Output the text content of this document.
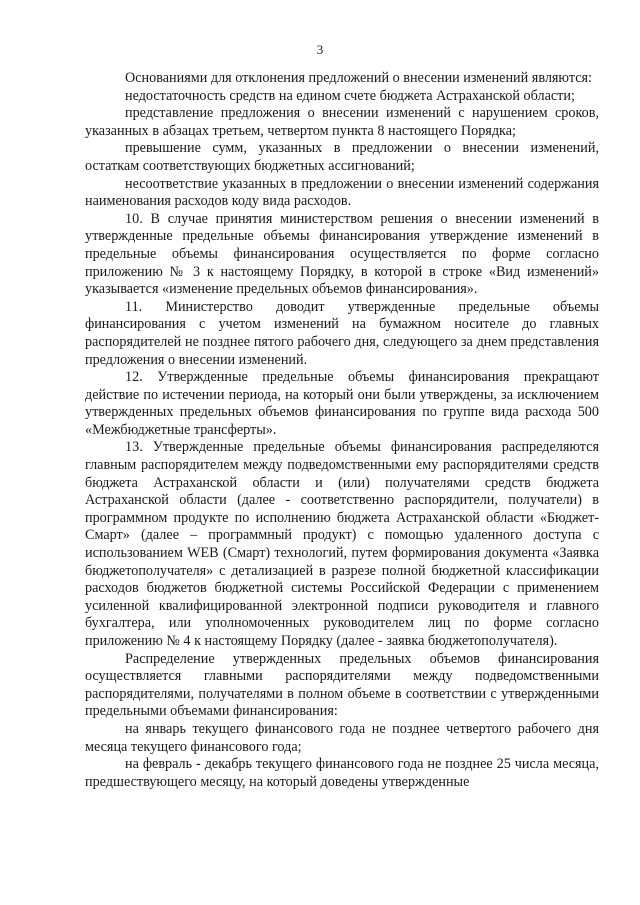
3

Основаниями для отклонения предложений о внесении изменений являются:

недостаточность средств на едином счете бюджета Астраханской области;

представление предложения о внесении изменений с нарушением сроков, указанных в абзацах третьем, четвертом пункта 8 настоящего Порядка;

превышение сумм, указанных в предложении о внесении изменений, остаткам соответствующих бюджетных ассигнований;

несоответствие указанных в предложении о внесении изменений содержания наименования расходов коду вида расходов.

10. В случае принятия министерством решения о внесении изменений в утвержденные предельные объемы финансирования утверждение изменений в предельные объемы финансирования осуществляется по форме согласно приложению № 3 к настоящему Порядку, в которой в строке «Вид изменений» указывается «изменение предельных объемов финансирования».

11. Министерство доводит утвержденные предельные объемы финансирования с учетом изменений на бумажном носителе до главных распорядителей не позднее пятого рабочего дня, следующего за днем представления предложения о внесении изменений.

12. Утвержденные предельные объемы финансирования прекращают действие по истечении периода, на который они были утверждены, за исключением утвержденных предельных объемов финансирования по группе вида расхода 500 «Межбюджетные трансферты».

13. Утвержденные предельные объемы финансирования распределяются главным распорядителем между подведомственными ему распорядителями средств бюджета Астраханской области и (или) получателями средств бюджета Астраханской области (далее - соответственно распорядители, получатели) в программном продукте по исполнению бюджета Астраханской области «Бюджет-Смарт» (далее – программный продукт) с помощью удаленного доступа с использованием WEB (Смарт) технологий, путем формирования документа «Заявка бюджетополучателя» с детализацией в разрезе полной бюджетной классификации расходов бюджетов бюджетной системы Российской Федерации с применением усиленной квалифицированной электронной подписи руководителя и главного бухгалтера, или уполномоченных руководителем лиц по форме согласно приложению № 4 к настоящему Порядку (далее - заявка бюджетополучателя).

Распределение утвержденных предельных объемов финансирования осуществляется главными распорядителями между подведомственными распорядителями, получателями в полном объеме в соответствии с утвержденными предельными объемами финансирования:

на январь текущего финансового года не позднее четвертого рабочего дня месяца текущего финансового года;

на февраль - декабрь текущего финансового года не позднее 25 числа месяца, предшествующего месяцу, на который доведены утвержденные
